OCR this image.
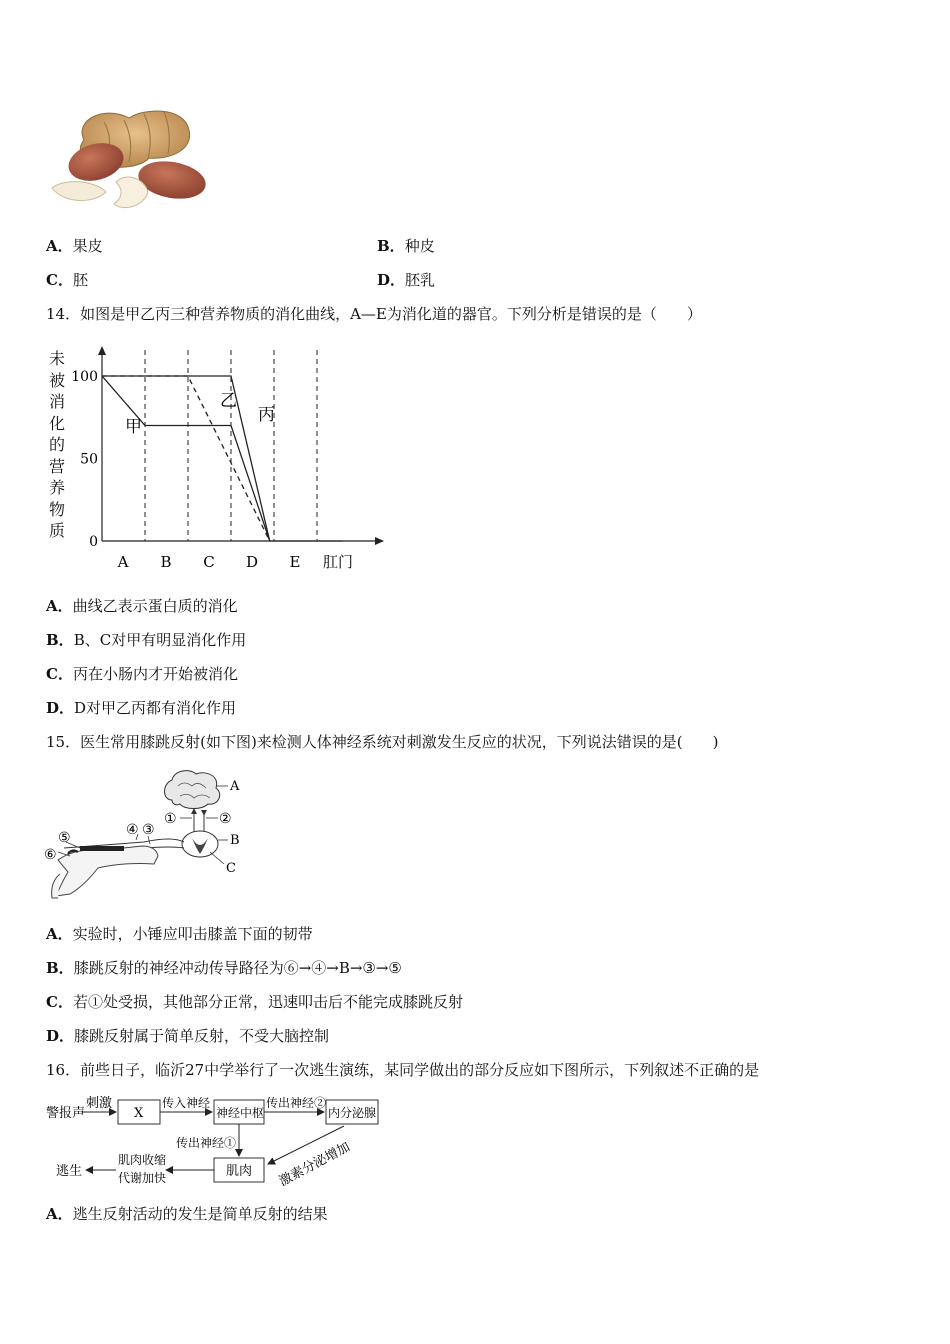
A．果皮	B．种皮
C．胚	D．胚乳
14．如图是甲乙丙三种营养物质的消化曲线，A—E为消化道的器官。下列分析是错误的是（　　）
100
50
0
A B C D E 肛门
甲
乙
丙
未被消化的营养物质
A．曲线乙表示蛋白质的消化
B．B、C对甲有明显消化作用
C．丙在小肠内才开始被消化
D．D对甲乙丙都有消化作用
15．医生常用膝跳反射(如下图)来检测人体神经系统对刺激发生反应的状况，下列说法错误的是(　　)
A
B
C
①	②
③
④
⑤
⑥
A．实验时，小锤应叩击膝盖下面的韧带
B．膝跳反射的神经冲动传导路径为⑥→④→B→③→⑤
C．若①处受损，其他部分正常，迅速叩击后不能完成膝跳反射
D．膝跳反射属于简单反射，不受大脑控制
16．前些日子，临沂27中学举行了一次逃生演练，某同学做出的部分反应如下图所示，下列叙述不正确的是
警报声
刺激
X
传入神经
神经中枢
传出神经②
内分泌腺
传出神经①	激素分泌增加
肌肉
肌肉收缩
代谢加快
逃生
A．逃生反射活动的发生是简单反射的结果
